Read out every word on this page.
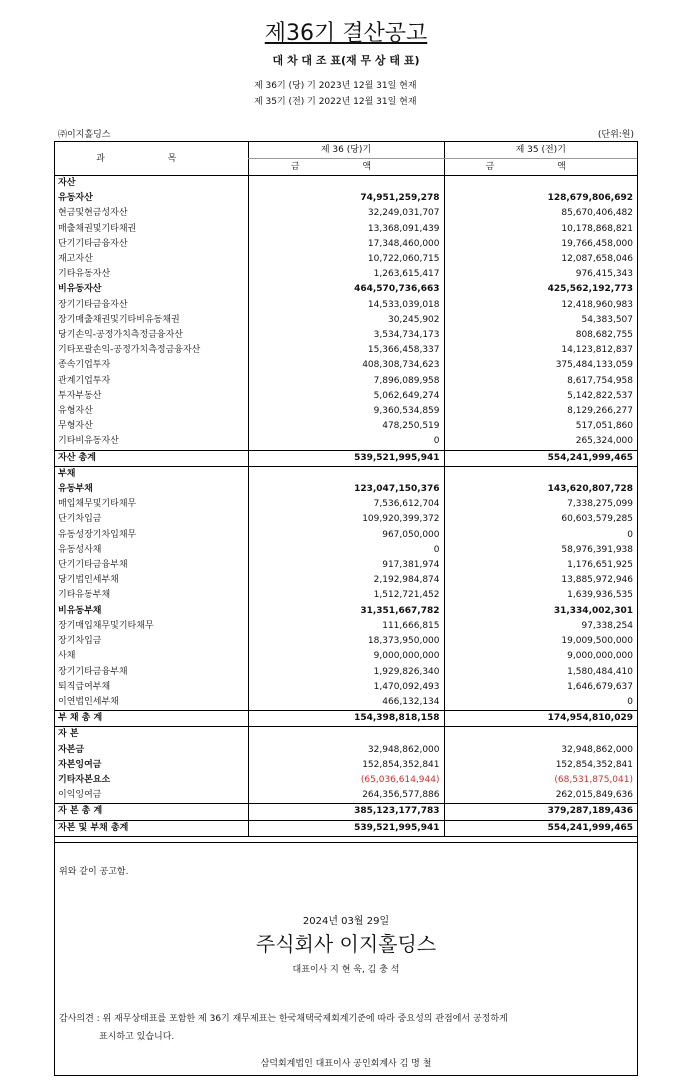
제36기 결산공고
대 차 대 조 표(재 무 상 태 표)
제 36기 (당) 기 2023년 12월 31일 현재
제 35기 (전) 기 2022년 12월 31일 현재
㈜이지홀딩스	(단위:원)
과 목	제 36 (당)기	제 35 (전)기
	금 액	금 액
자산		
유동자산	74,951,259,278	128,679,806,692
현금및현금성자산	32,249,031,707	85,670,406,482
매출채권및기타채권	13,368,091,439	10,178,868,821
단기기타금융자산	17,348,460,000	19,766,458,000
재고자산	10,722,060,715	12,087,658,046
기타유동자산	1,263,615,417	976,415,343
비유동자산	464,570,736,663	425,562,192,773
장기기타금융자산	14,533,039,018	12,418,960,983
장기매출채권및기타비유동채권	30,245,902	54,383,507
당기손익-공정가치측정금융자산	3,534,734,173	808,682,755
기타포괄손익-공정가치측정금융자산	15,366,458,337	14,123,812,837
종속기업투자	408,308,734,623	375,484,133,059
관계기업투자	7,896,089,958	8,617,754,958
투자부동산	5,062,649,274	5,142,822,537
유형자산	9,360,534,859	8,129,266,277
무형자산	478,250,519	517,051,860
기타비유동자산	0	265,324,000
자산 총계	539,521,995,941	554,241,999,465
부채		
유동부채	123,047,150,376	143,620,807,728
매입채무및기타채무	7,536,612,704	7,338,275,099
단기차입금	109,920,399,372	60,603,579,285
유동성장기차입채무	967,050,000	0
유동성사채	0	58,976,391,938
단기기타금융부채	917,381,974	1,176,651,925
당기법인세부채	2,192,984,874	13,885,972,946
기타유동부채	1,512,721,452	1,639,936,535
비유동부채	31,351,667,782	31,334,002,301
장기매입채무및기타채무	111,666,815	97,338,254
장기차입금	18,373,950,000	19,009,500,000
사채	9,000,000,000	9,000,000,000
장기기타금융부채	1,929,826,340	1,580,484,410
퇴직급여부채	1,470,092,493	1,646,679,637
이연법인세부채	466,132,134	0
부 채 총 계	154,398,818,158	174,954,810,029
자 본		
자본금	32,948,862,000	32,948,862,000
자본잉여금	152,854,352,841	152,854,352,841
기타자본요소	(65,036,614,944)	(68,531,875,041)
이익잉여금	264,356,577,886	262,015,849,636
자 본 총 계	385,123,177,783	379,287,189,436
자본 및 부채 총계	539,521,995,941	554,241,999,465
위와 같이 공고함.
2024년 03월 29일
주식회사 이지홀딩스
대표이사 지 현 욱, 김 충 석
감사의견 : 위 재무상태표를 포함한 제 36기 재무제표는 한국채택국제회계기준에 따라 중요성의 관점에서 공정하게
표시하고 있습니다.
삼덕회계법인 대표이사 공인회계사 김 명 철
